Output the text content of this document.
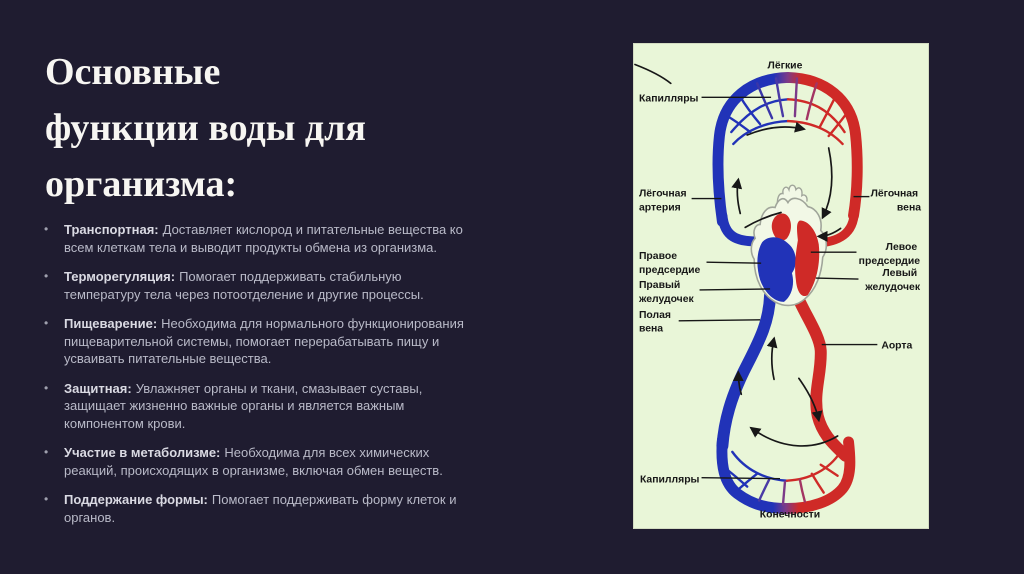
Основные
функции воды для
организма:
•	Транспортная: Доставляет кислород и питательные вещества ко всем клеткам тела и выводит продукты обмена из организма.
•	Терморегуляция: Помогает поддерживать стабильную температуру тела через потоотделение и другие процессы.
•	Пищеварение: Необходима для нормального функционирования пищеварительной системы, помогает перерабатывать пищу и усваивать питательные вещества.
•	Защитная: Увлажняет органы и ткани, смазывает суставы, защищает жизненно важные органы и является важным компонентом крови.
•	Участие в метаболизме: Необходима для всех химических реакций, происходящих в организме, включая обмен веществ.
•	Поддержание формы: Помогает поддерживать форму клеток и органов.
Лёгкие
Капилляры
Лёгочная артерия
Лёгочная вена
Правое предсердие
Левое предсердие
Правый желудочек
Левый желудочек
Полая вена
Аорта
Капилляры
Конечности
